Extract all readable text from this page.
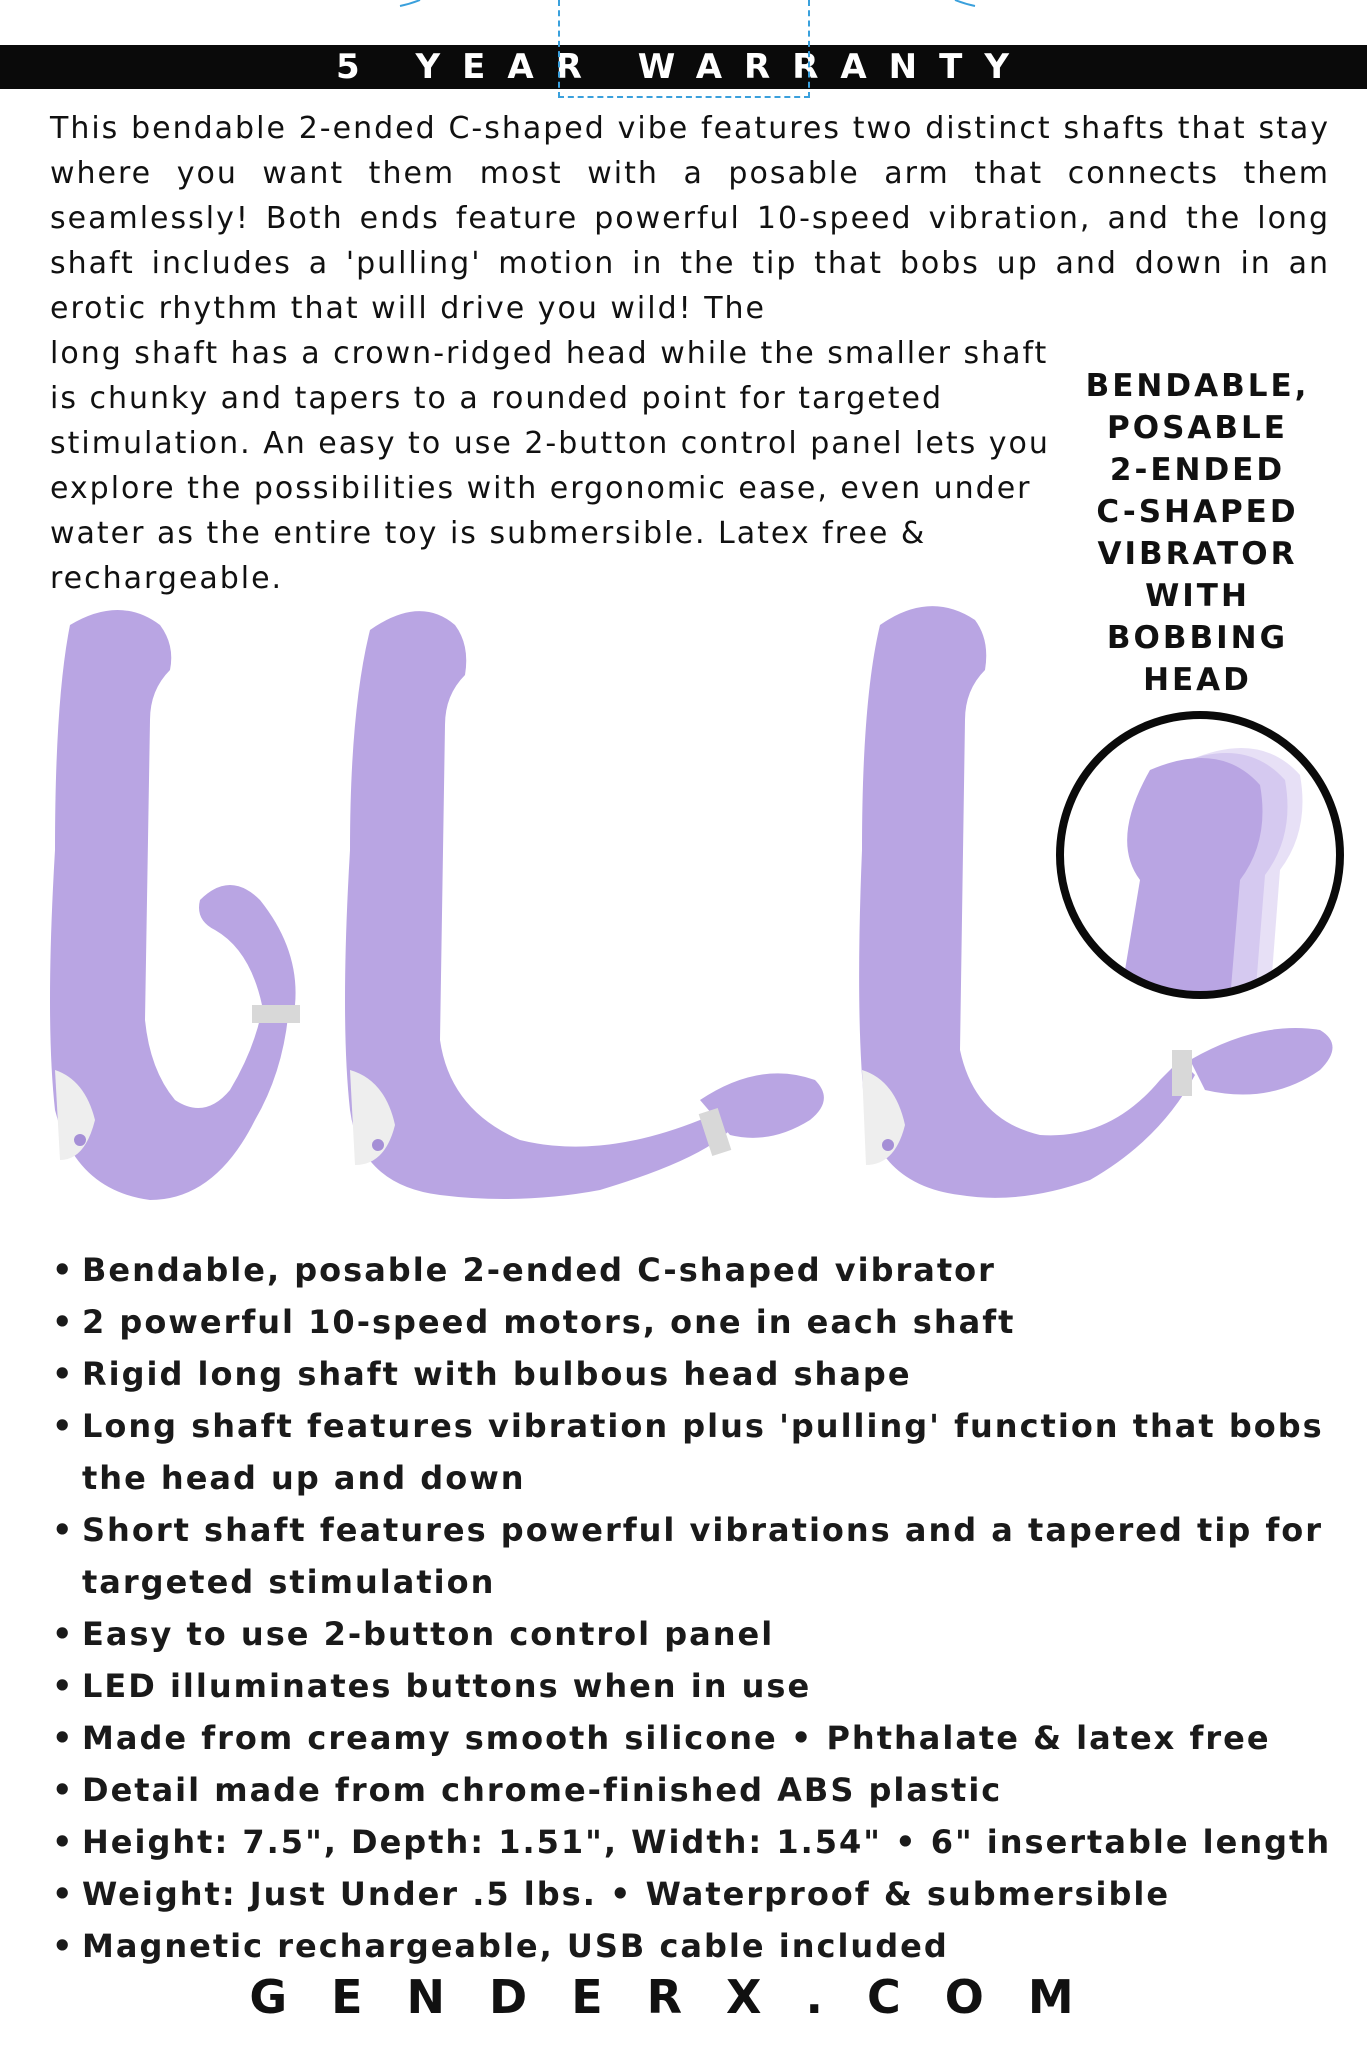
5 YEAR WARRANTY
This bendable 2-ended C-shaped vibe features two distinct shafts that stay where you want them most with a posable arm that connects them seamlessly! Both ends feature powerful 10-speed vibration, and the long shaft includes a 'pulling' motion in the tip that bobs up and down in an erotic rhythm that will drive you wild! The
long shaft has a crown-ridged head while the smaller shaft is chunky and tapers to a rounded point for targeted stimulation. An easy to use 2-button control panel lets you explore the possibilities with ergonomic ease, even under water as the entire toy is submersible. Latex free & rechargeable.
BENDABLE,
POSABLE
2-ENDED
C-SHAPED
VIBRATOR
WITH
BOBBING
HEAD
• Bendable, posable 2-ended C-shaped vibrator
• 2 powerful 10-speed motors, one in each shaft
• Rigid long shaft with bulbous head shape
• Long shaft features vibration plus 'pulling' function that bobs the head up and down
• Short shaft features powerful vibrations and a tapered tip for targeted stimulation
• Easy to use 2-button control panel
• LED illuminates buttons when in use
• Made from creamy smooth silicone • Phthalate & latex free
• Detail made from chrome-finished ABS plastic
• Height: 7.5", Depth: 1.51", Width: 1.54" • 6" insertable length
• Weight: Just Under .5 lbs. • Waterproof & submersible
• Magnetic rechargeable, USB cable included
GENDERX.COM
